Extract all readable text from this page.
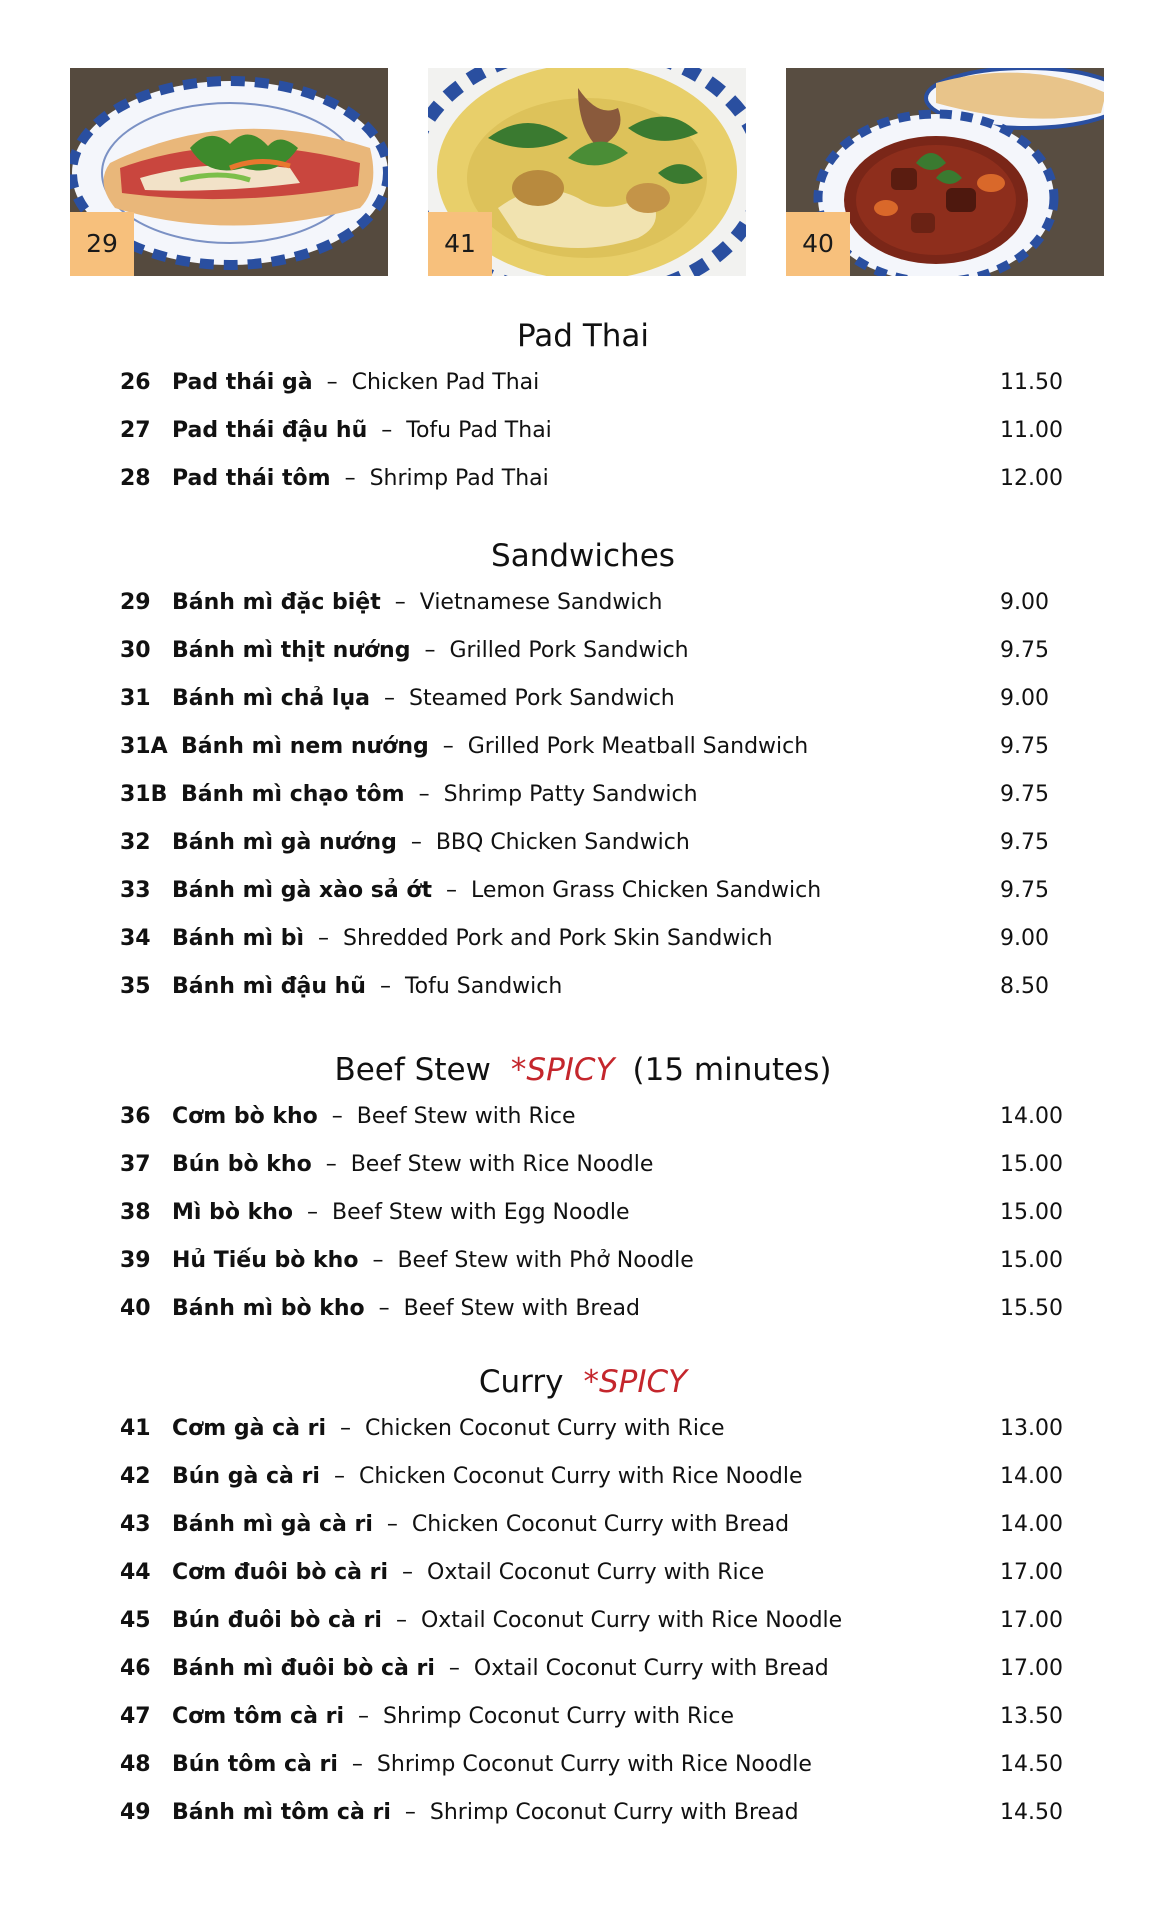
29	41	40
Pad Thai
26 Pad thái gà – Chicken Pad Thai	11.50
27 Pad thái đậu hũ – Tofu Pad Thai	11.00
28 Pad thái tôm – Shrimp Pad Thai	12.00
Sandwiches
29 Bánh mì đặc biệt – Vietnamese Sandwich	9.00
30 Bánh mì thịt nướng – Grilled Pork Sandwich	9.75
31 Bánh mì chả lụa – Steamed Pork Sandwich	9.00
31A Bánh mì nem nướng – Grilled Pork Meatball Sandwich	9.75
31B Bánh mì chạo tôm – Shrimp Patty Sandwich	9.75
32 Bánh mì gà nướng – BBQ Chicken Sandwich	9.75
33 Bánh mì gà xào sả ớt – Lemon Grass Chicken Sandwich	9.75
34 Bánh mì bì – Shredded Pork and Pork Skin Sandwich	9.00
35 Bánh mì đậu hũ – Tofu Sandwich	8.50
Beef Stew *SPICY (15 minutes)
36 Cơm bò kho – Beef Stew with Rice	14.00
37 Bún bò kho – Beef Stew with Rice Noodle	15.00
38 Mì bò kho – Beef Stew with Egg Noodle	15.00
39 Hủ Tiếu bò kho – Beef Stew with Phở Noodle	15.00
40 Bánh mì bò kho – Beef Stew with Bread	15.50
Curry *SPICY
41 Cơm gà cà ri – Chicken Coconut Curry with Rice	13.00
42 Bún gà cà ri – Chicken Coconut Curry with Rice Noodle	14.00
43 Bánh mì gà cà ri – Chicken Coconut Curry with Bread	14.00
44 Cơm đuôi bò cà ri – Oxtail Coconut Curry with Rice	17.00
45 Bún đuôi bò cà ri – Oxtail Coconut Curry with Rice Noodle	17.00
46 Bánh mì đuôi bò cà ri – Oxtail Coconut Curry with Bread	17.00
47 Cơm tôm cà ri – Shrimp Coconut Curry with Rice	13.50
48 Bún tôm cà ri – Shrimp Coconut Curry with Rice Noodle	14.50
49 Bánh mì tôm cà ri – Shrimp Coconut Curry with Bread	14.50
